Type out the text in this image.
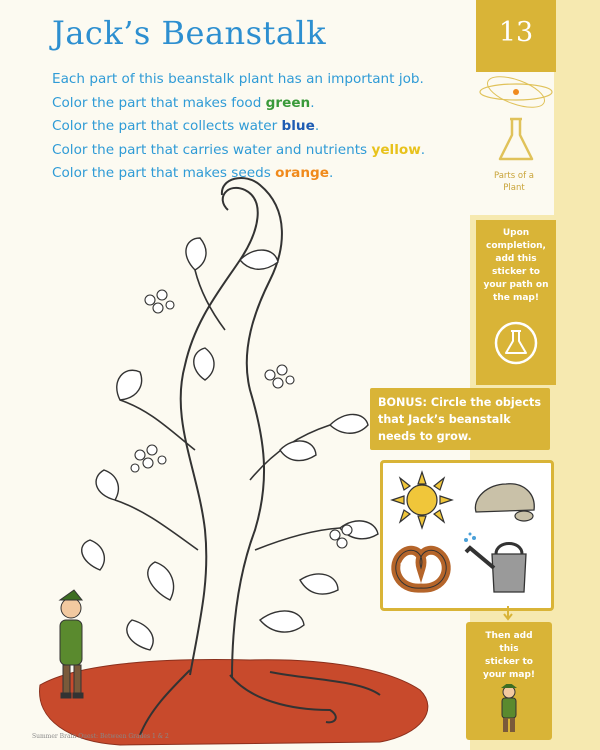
Jack’s Beanstalk
Each part of this beanstalk plant has an important job.
Color the part that makes food green.
Color the part that collects water blue.
Color the part that carries water and nutrients yellow.
Color the part that makes seeds orange.
13
Parts of a
Plant
Upon
completion,
add this
sticker to
your path on
the map!
BONUS: Circle the objects that Jack’s beanstalk needs to grow.
Then add
this
sticker to
your map!
Summer Brain Quest: Between Grades 1 & 2
